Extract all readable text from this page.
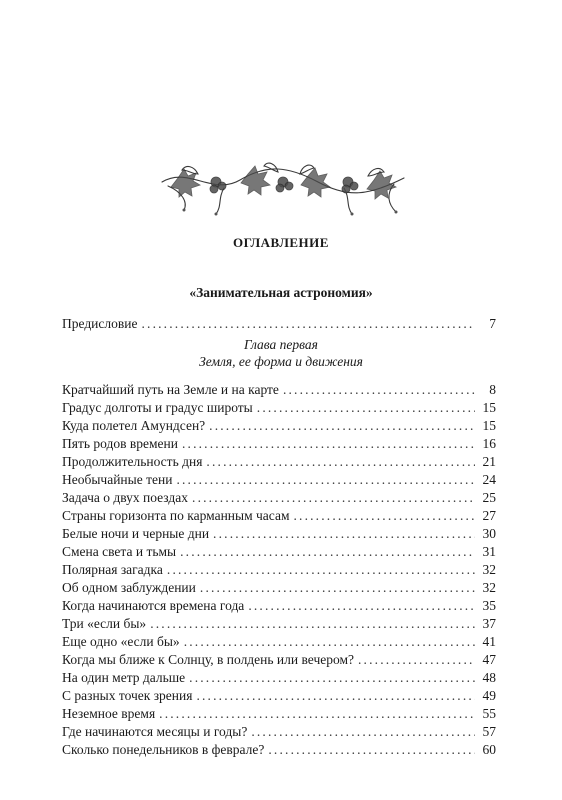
ОГЛАВЛЕНИЕ
«Занимательная астрономия»
Предисловие . . .	7
Глава первая
Земля, ее форма и движения
Кратчайший путь на Земле и на карте . . .	8
Градус долготы и градус широты . . .	15
Куда полетел Амундсен? . . .	15
Пять родов времени . . .	16
Продолжительность дня . . .	21
Необычайные тени . . .	24
Задача о двух поездах . . .	25
Страны горизонта по карманным часам . . .	27
Белые ночи и черные дни . . .	30
Смена света и тьмы . . .	31
Полярная загадка . . .	32
Об одном заблуждении . . .	32
Когда начинаются времена года . . .	35
Три «если бы» . . .	37
Еще одно «если бы» . . .	41
Когда мы ближе к Солнцу, в полдень или вечером? . . .	47
На один метр дальше . . .	48
С разных точек зрения . . .	49
Неземное время . . .	55
Где начинаются месяцы и годы? . . .	57
Сколько понедельников в феврале? . . .	60
